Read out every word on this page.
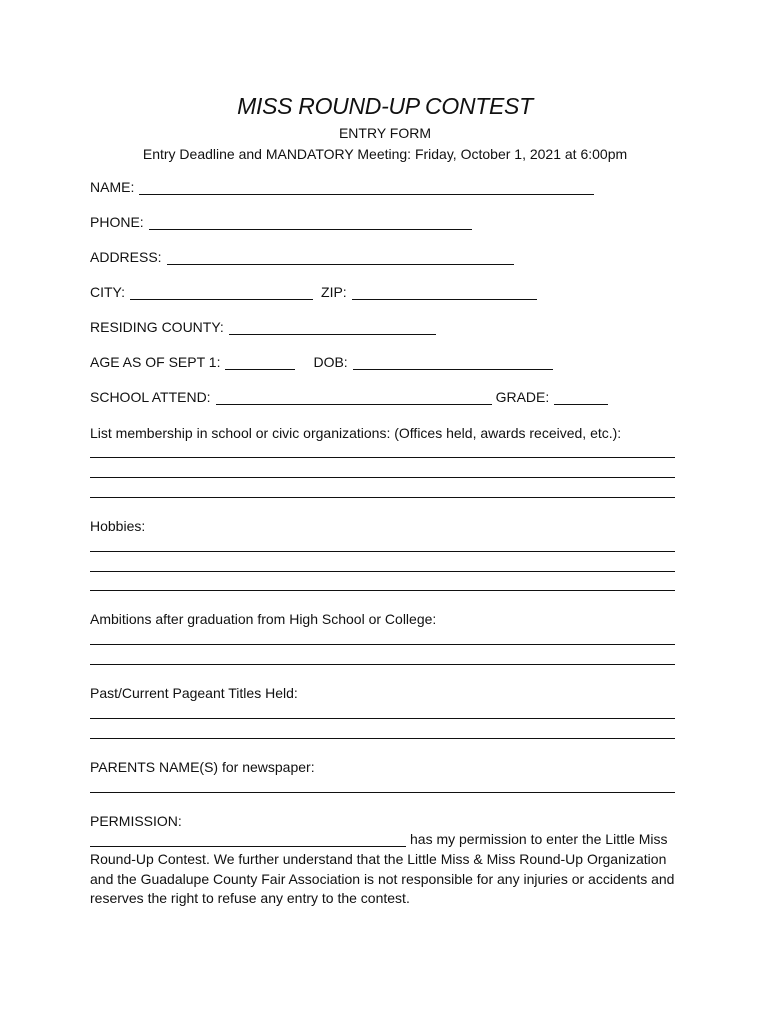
MISS ROUND-UP CONTEST
ENTRY FORM
Entry Deadline and MANDATORY Meeting: Friday, October 1, 2021 at 6:00pm
NAME:
PHONE:
ADDRESS:
CITY:	ZIP:
RESIDING COUNTY:
AGE AS OF SEPT 1:	DOB:
SCHOOL ATTEND:	GRADE:
List membership in school or civic organizations: (Offices held, awards received, etc.):
Hobbies:
Ambitions after graduation from High School or College:
Past/Current Pageant Titles Held:
PARENTS NAME(S) for newspaper:
PERMISSION:
has my permission to enter the Little Miss
Round-Up Contest. We further understand that the Little Miss & Miss Round-Up Organization
and the Guadalupe County Fair Association is not responsible for any injuries or accidents and
reserves the right to refuse any entry to the contest.
